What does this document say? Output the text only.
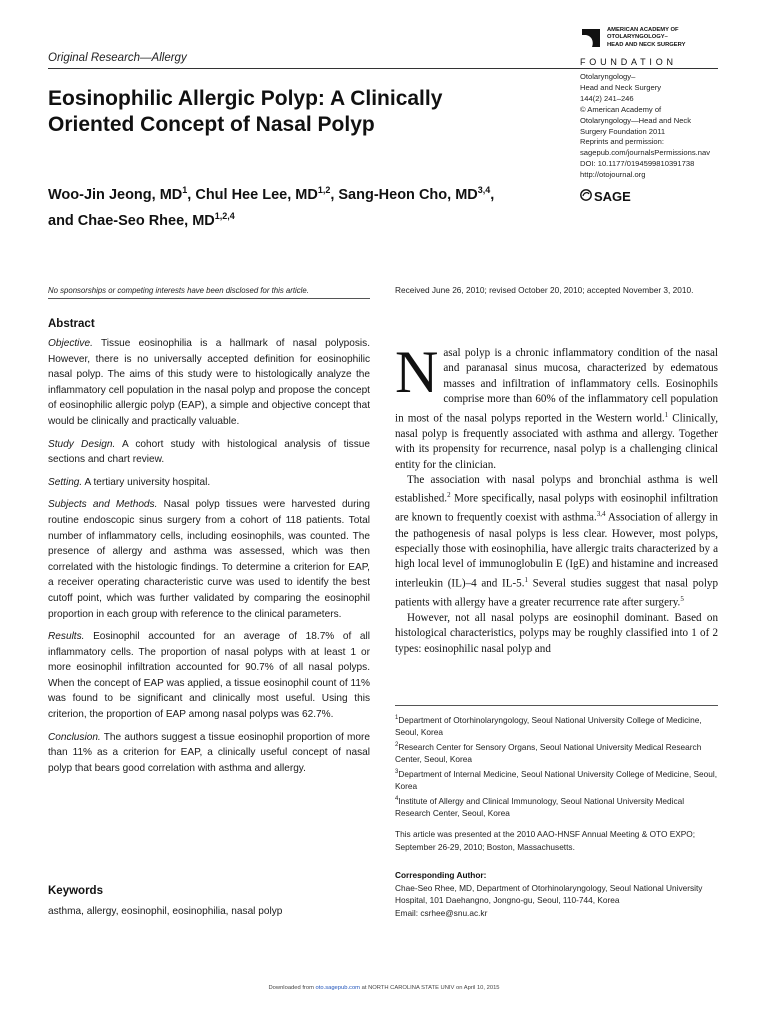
Original Research—Allergy
Eosinophilic Allergic Polyp: A Clinically Oriented Concept of Nasal Polyp
Woo-Jin Jeong, $MD^1$, Chul Hee Lee, MD$^{1,2}$, Sang-Heon Cho, MD$^{3,4}$,
and Chae-Seo Rhee, MD$^{1,2,4}$
AMERICAN ACADEMY OF
OTOLARYNGOLOGY–
HEAD AND NECK SURGERY
FOUNDATION
Otolaryngology–
Head and Neck Surgery
144(2) 241–246
© American Academy of
Otolaryngology—Head and Neck
Surgery Foundation 2011
Reprints and permission:
sagepub.com/journalsPermissions.nav
DOI: 10.1177/0194599810391738
http://otojournal.org
SAGE
No sponsorships or competing interests have been disclosed for this article.
Abstract

Objective. Tissue eosinophilia is a hallmark of nasal polyposis. However, there is no universally accepted definition for eosinophilic nasal polyp. The aims of this study were to histologically analyze the inflammatory cell population in the nasal polyp and propose the concept of eosinophilic allergic polyp (EAP), a simple and objective concept that would be clinically and practically valuable.

Study Design. A cohort study with histological analysis of tissue sections and chart review.

Setting. A tertiary university hospital.

Subjects and Methods. Nasal polyp tissues were harvested during routine endoscopic sinus surgery from a cohort of 118 patients. Total number of inflammatory cells, including eosinophils, was counted. The presence of allergy and asthma was assessed, which was then correlated with the histologic findings. To determine a criterion for EAP, a receiver operating characteristic curve was used to identify the best cutoff point, which was further validated by comparing the eosinophil proportion in each group with reference to the clinical parameters.

Results. Eosinophil accounted for an average of 18.7% of all inflammatory cells. The proportion of nasal polyps with at least 1 or more eosinophil infiltration accounted for 90.7% of all nasal polyps. When the concept of EAP was applied, a tissue eosinophil count of 11% was found to be significant and clinically most useful. Using this criterion, the proportion of EAP among nasal polyps was 62.7%.

Conclusion. The authors suggest a tissue eosinophil proportion of more than 11% as a criterion for EAP, a clinically useful concept of nasal polyp that bears good correlation with asthma and allergy.

Keywords
asthma, allergy, eosinophil, eosinophilia, nasal polyp
Received June 26, 2010; revised October 20, 2010; accepted November 3, 2010.

Nasal polyp is a chronic inflammatory condition of the nasal and paranasal sinus mucosa, characterized by edematous masses and infiltration of inflammatory cells. Eosinophils comprise more than 60% of the inflammatory cell population in most of the nasal polyps reported in the Western world.$^1$ Clinically, nasal polyp is frequently associated with asthma and allergy. Together with its propensity for recurrence, nasal polyp is a challenging clinical entity for the clinician.

The association with nasal polyps and bronchial asthma is well established.$^2$ More specifically, nasal polyps with eosinophil infiltration are known to frequently coexist with asthma.$^{3,4}$ Association of allergy in the pathogenesis of nasal polyps is less clear. However, most polyps, especially those with eosinophilia, have allergic traits characterized by a high local level of immunoglobulin E (IgE) and histamine and increased interleukin (IL)–4 and IL-5.$^1$ Several studies suggest that nasal polyp patients with allergy have a greater recurrence rate after surgery.$^5$

However, not all nasal polyps are eosinophil dominant. Based on histological characteristics, polyps may be roughly classified into 1 of 2 types: eosinophilic nasal polyp and

$^1$Department of Otorhinolaryngology, Seoul National University College of Medicine, Seoul, Korea

$^2$Research Center for Sensory Organs, Seoul National University Medical Research Center, Seoul, Korea

$^3$Department of Internal Medicine, Seoul National University College of Medicine, Seoul, Korea

$^4$Institute of Allergy and Clinical Immunology, Seoul National University Medical Research Center, Seoul, Korea

This article was presented at the 2010 AAO-HNSF Annual Meeting & OTO EXPO; September 26-29, 2010; Boston, Massachusetts.
Corresponding Author:
Chae-Seo Rhee, MD, Department of Otorhinolaryngology, Seoul National University Hospital, 101 Daehangno, Jongno-gu, Seoul, 110-744, Korea
Email: csrhee@snu.ac.kr
Downloaded from oto.sagepub.com at NORTH CAROLINA STATE UNIV on April 10, 2015
